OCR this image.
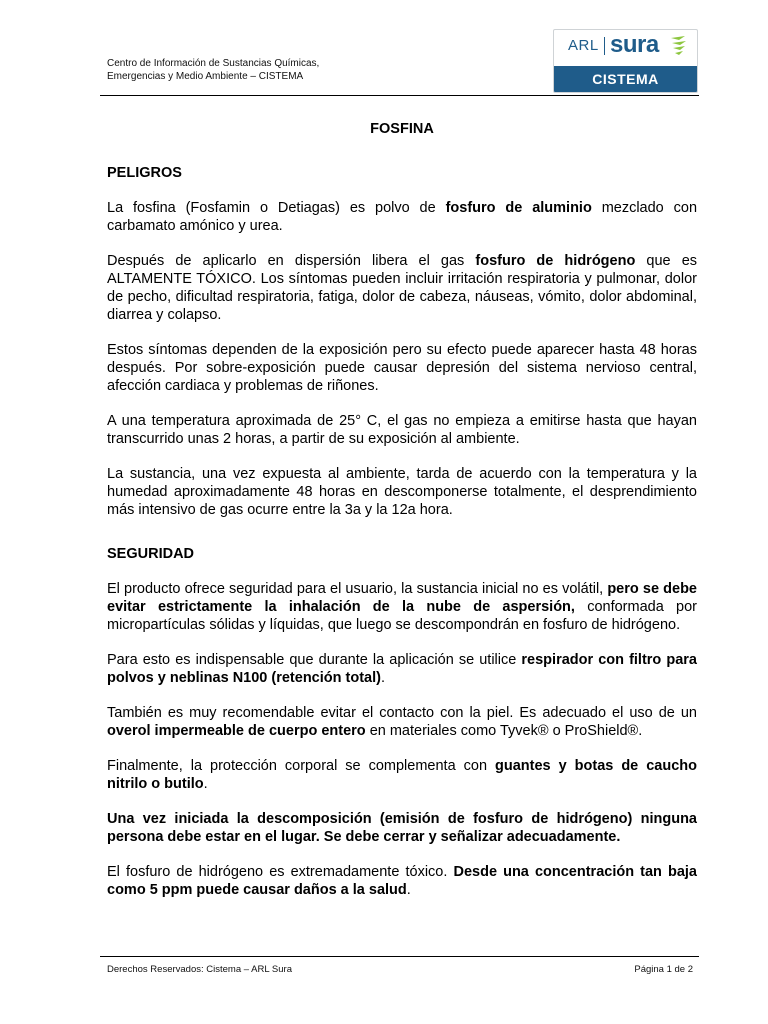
Centro de Información de Sustancias Químicas,
Emergencias y Medio Ambiente – CISTEMA
ARL sura
CISTEMA
FOSFINA
PELIGROS

La fosfina (Fosfamin o Detiagas) es polvo de fosfuro de aluminio mezclado con carbamato amónico y urea.

Después de aplicarlo en dispersión libera el gas fosfuro de hidrógeno que es ALTAMENTE TÓXICO. Los síntomas pueden incluir irritación respiratoria y pulmonar, dolor de pecho, dificultad respiratoria, fatiga, dolor de cabeza, náuseas, vómito, dolor abdominal, diarrea y colapso.

Estos síntomas dependen de la exposición pero su efecto puede aparecer hasta 48 horas después. Por sobre-exposición puede causar depresión del sistema nervioso central, afección cardiaca y problemas de riñones.

A una temperatura aproximada de 25° C, el gas no empieza a emitirse hasta que hayan transcurrido unas 2 horas, a partir de su exposición al ambiente.

La sustancia, una vez expuesta al ambiente, tarda de acuerdo con la temperatura y la humedad aproximadamente 48 horas en descomponerse totalmente, el desprendimiento más intensivo de gas ocurre entre la 3a y la 12a hora.

SEGURIDAD

El producto ofrece seguridad para el usuario, la sustancia inicial no es volátil, pero se debe evitar estrictamente la inhalación de la nube de aspersión, conformada por micropartículas sólidas y líquidas, que luego se descompondrán en fosfuro de hidrógeno.

Para esto es indispensable que durante la aplicación se utilice respirador con filtro para polvos y neblinas N100 (retención total).

También es muy recomendable evitar el contacto con la piel. Es adecuado el uso de un overol impermeable de cuerpo entero en materiales como Tyvek® o ProShield®.

Finalmente, la protección corporal se complementa con guantes y botas de caucho nitrilo o butilo.

Una vez iniciada la descomposición (emisión de fosfuro de hidrógeno) ninguna persona debe estar en el lugar. Se debe cerrar y señalizar adecuadamente.

El fosfuro de hidrógeno es extremadamente tóxico. Desde una concentración tan baja como 5 ppm puede causar daños a la salud.

Derechos Reservados: Cistema – ARL Sura	Página 1 de 2
